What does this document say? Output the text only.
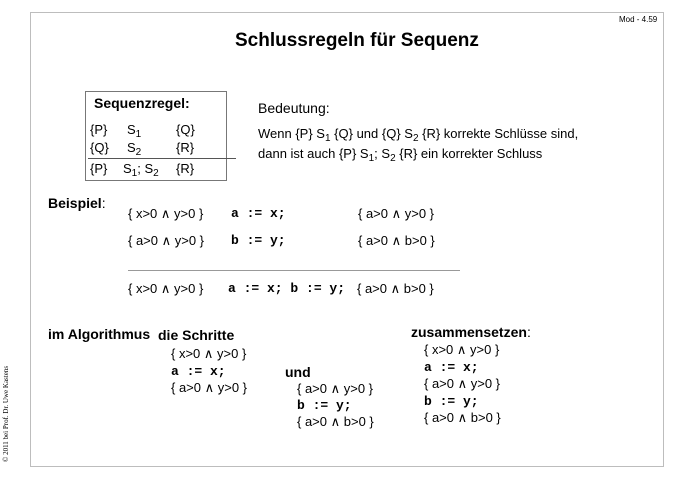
Mod - 4.59
Schlussregeln für Sequenz
Sequenzregel:
{P} $S_1$	{Q}
{Q} $S_2$	{R}
{P} $S_1$; $S_2$ {R}
Bedeutung:
Wenn {P} $S_1$ {Q} und {Q} $S_2$ {R} korrekte Schlüsse sind,
dann ist auch {P} $S_1$; $S_2$ {R} ein korrekter Schluss
Beispiel:
{ x>0 ∧ y>0 } a := x;	{ a>0 ∧ y>0 }
{ a>0 ∧ y>0 } b := y;	{ a>0 ∧ b>0 }
{ x>0 ∧ y>0 } a := x; b := y; { a>0 ∧ b>0 }
im Algorithmus die Schritte
{ x>0 ∧ y>0 }
a := x;
{ a>0 ∧ y>0 }
und
{ a>0 ∧ y>0 }
b := y;
{ a>0 ∧ b>0 }
zusammensetzen:
{ x>0 ∧ y>0 }
a := x;
{ a>0 ∧ y>0 }
b := y;
{ a>0 ∧ b>0 }
© 2011 bei Prof. Dr. Uwe Kastens
